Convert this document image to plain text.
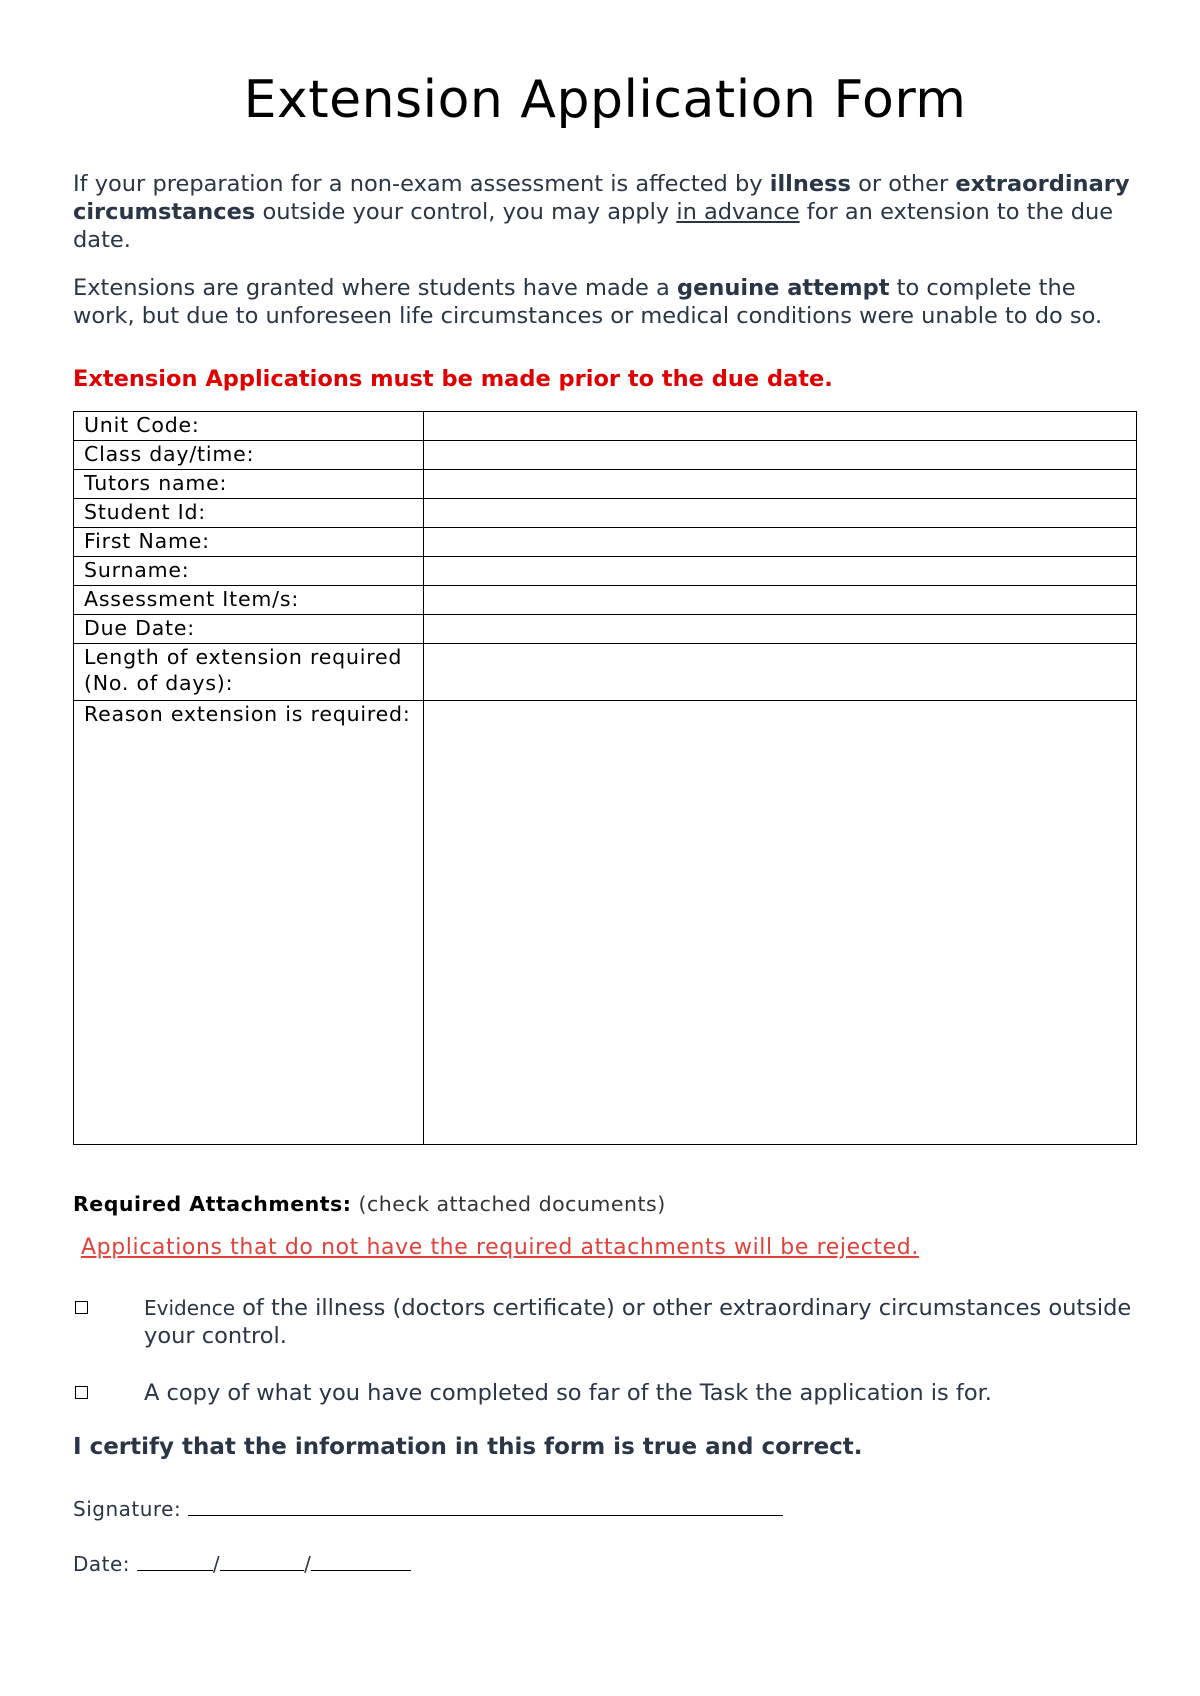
Extension Application Form

If your preparation for a non-exam assessment is affected by illness or other extraordinary circumstances outside your control, you may apply in advance for an extension to the due date.

Extensions are granted where students have made a genuine attempt to complete the work, but due to unforeseen life circumstances or medical conditions were unable to do so.

Extension Applications must be made prior to the due date.

Unit Code:	
Class day/time:	
Tutors name:	
Student Id:	
First Name:	
Surname:	
Assessment Item/s:	
Due Date:	
Length of extension required (No. of days):	
Reason extension is required:	

Required Attachments: (check attached documents)

Applications that do not have the required attachments will be rejected.

Evidence of the illness (doctors certificate) or other extraordinary circumstances outside your control.
A copy of what you have completed so far of the Task the application is for.

I certify that the information in this form is true and correct.

Signature:
Date:	/	/
